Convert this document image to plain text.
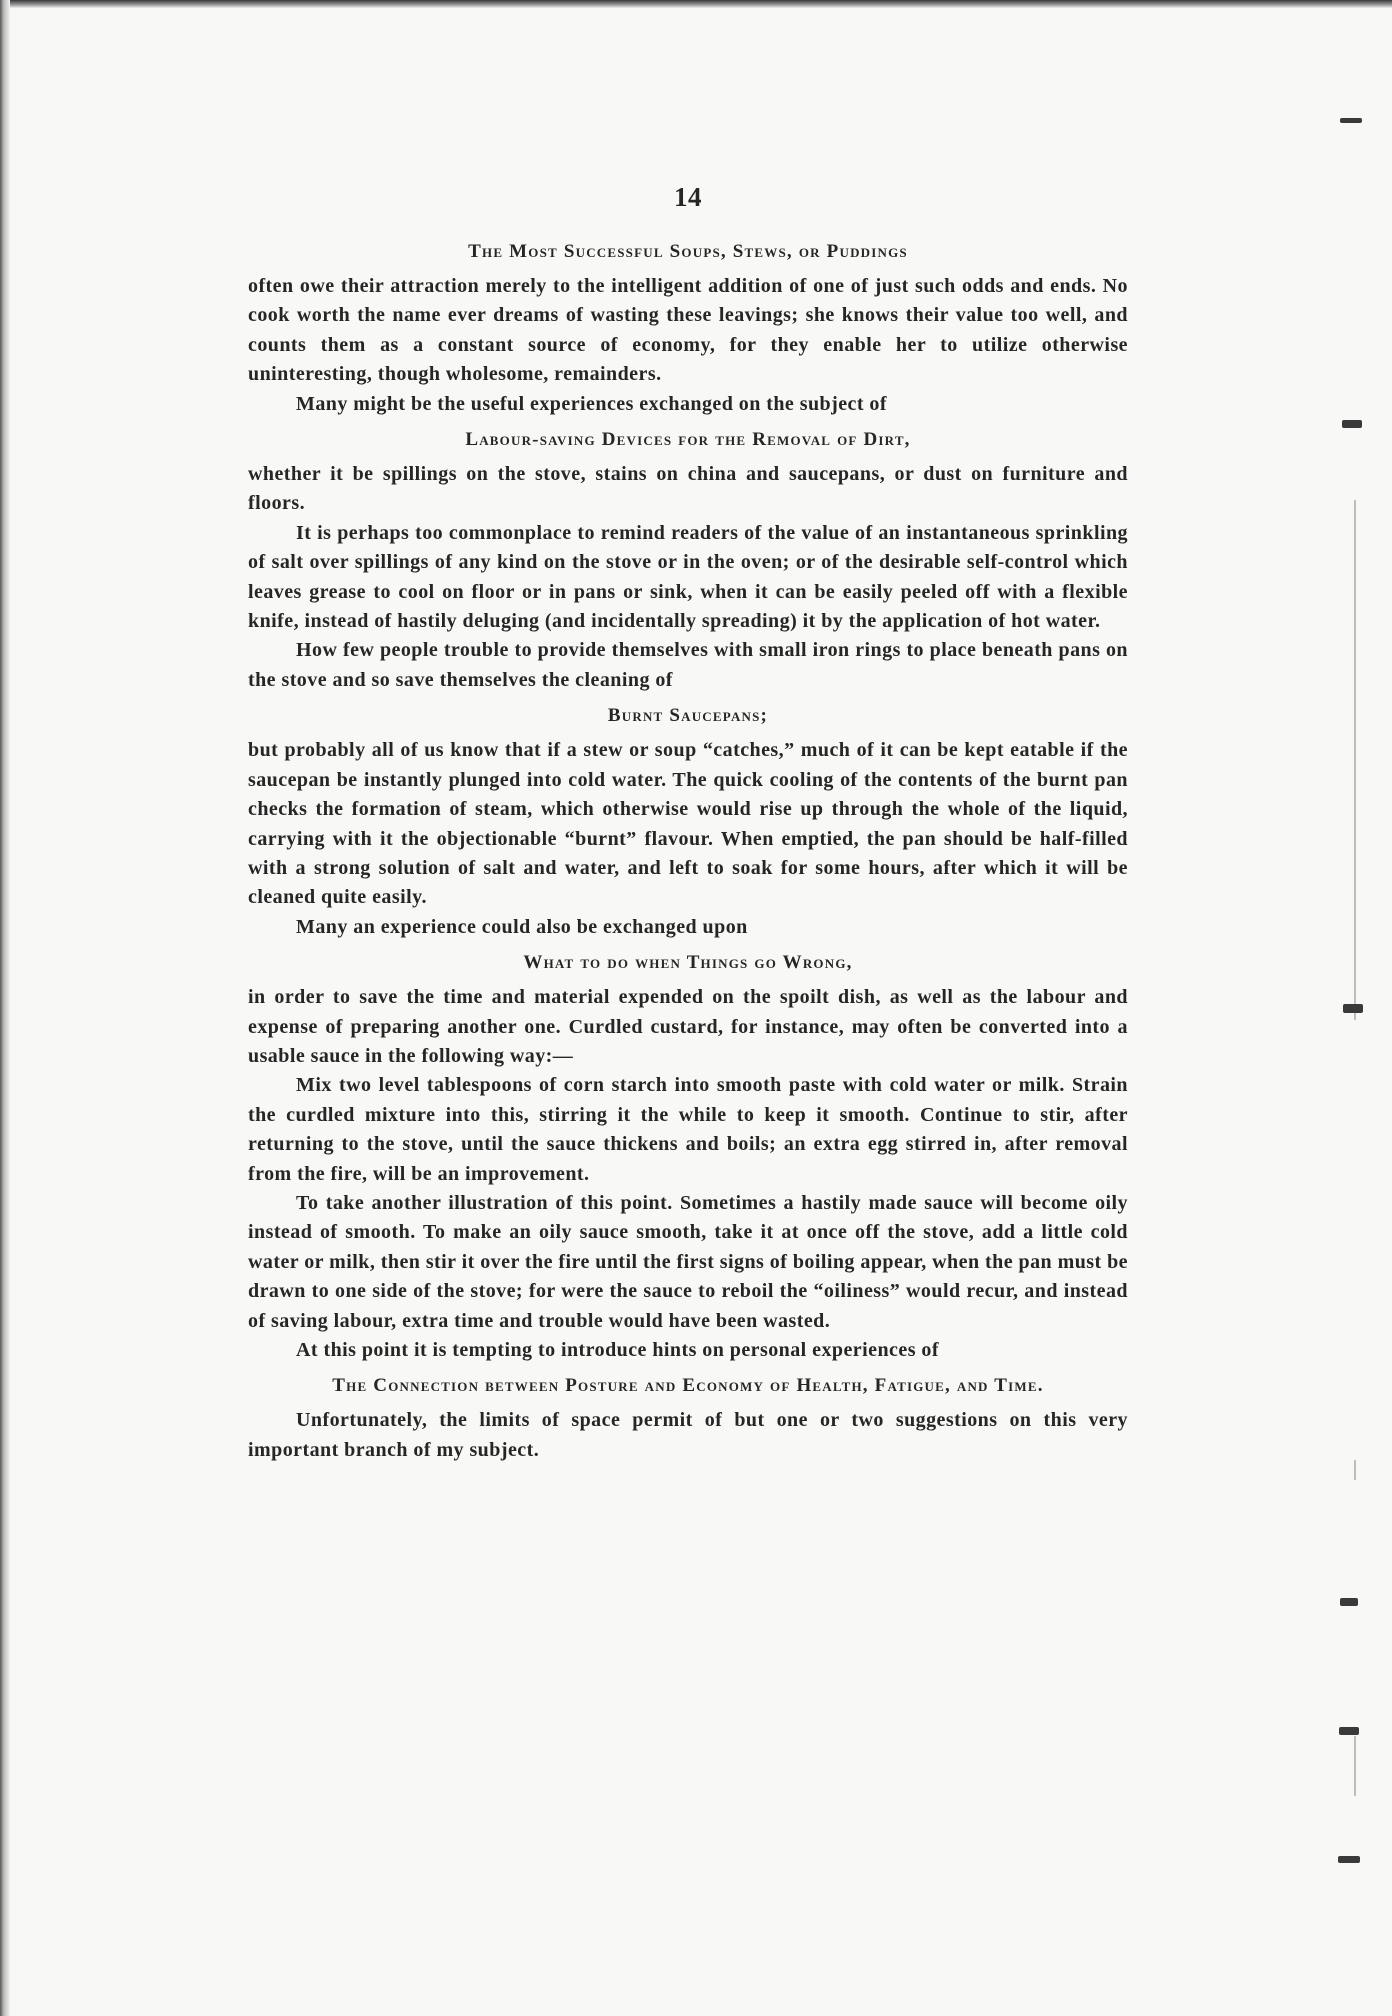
14
The Most Successful Soups, Stews, or Puddings

often owe their attraction merely to the intelligent addition of one of just such odds and ends. No cook worth the name ever dreams of wasting these leavings; she knows their value too well, and counts them as a constant source of economy, for they enable her to utilize otherwise uninteresting, though wholesome, remainders.

Many might be the useful experiences exchanged on the subject of

Labour-saving Devices for the Removal of Dirt,

whether it be spillings on the stove, stains on china and saucepans, or dust on furniture and floors.

It is perhaps too commonplace to remind readers of the value of an instantaneous sprinkling of salt over spillings of any kind on the stove or in the oven; or of the desirable self-control which leaves grease to cool on floor or in pans or sink, when it can be easily peeled off with a flexible knife, instead of hastily deluging (and incidentally spreading) it by the application of hot water.

How few people trouble to provide themselves with small iron rings to place beneath pans on the stove and so save themselves the cleaning of

Burnt Saucepans;

but probably all of us know that if a stew or soup “catches,” much of it can be kept eatable if the saucepan be instantly plunged into cold water. The quick cooling of the contents of the burnt pan checks the formation of steam, which otherwise would rise up through the whole of the liquid, carrying with it the objectionable “burnt” flavour. When emptied, the pan should be half-filled with a strong solution of salt and water, and left to soak for some hours, after which it will be cleaned quite easily.

Many an experience could also be exchanged upon

What to do when Things go Wrong,

in order to save the time and material expended on the spoilt dish, as well as the labour and expense of preparing another one. Curdled custard, for instance, may often be converted into a usable sauce in the following way:—

Mix two level tablespoons of corn starch into smooth paste with cold water or milk. Strain the curdled mixture into this, stirring it the while to keep it smooth. Continue to stir, after returning to the stove, until the sauce thickens and boils; an extra egg stirred in, after removal from the fire, will be an improvement.

To take another illustration of this point. Sometimes a hastily made sauce will become oily instead of smooth. To make an oily sauce smooth, take it at once off the stove, add a little cold water or milk, then stir it over the fire until the first signs of boiling appear, when the pan must be drawn to one side of the stove; for were the sauce to reboil the “oiliness” would recur, and instead of saving labour, extra time and trouble would have been wasted.

At this point it is tempting to introduce hints on personal experiences of

The Connection between Posture and Economy of Health, Fatigue, and Time.

Unfortunately, the limits of space permit of but one or two suggestions on this very important branch of my subject.
